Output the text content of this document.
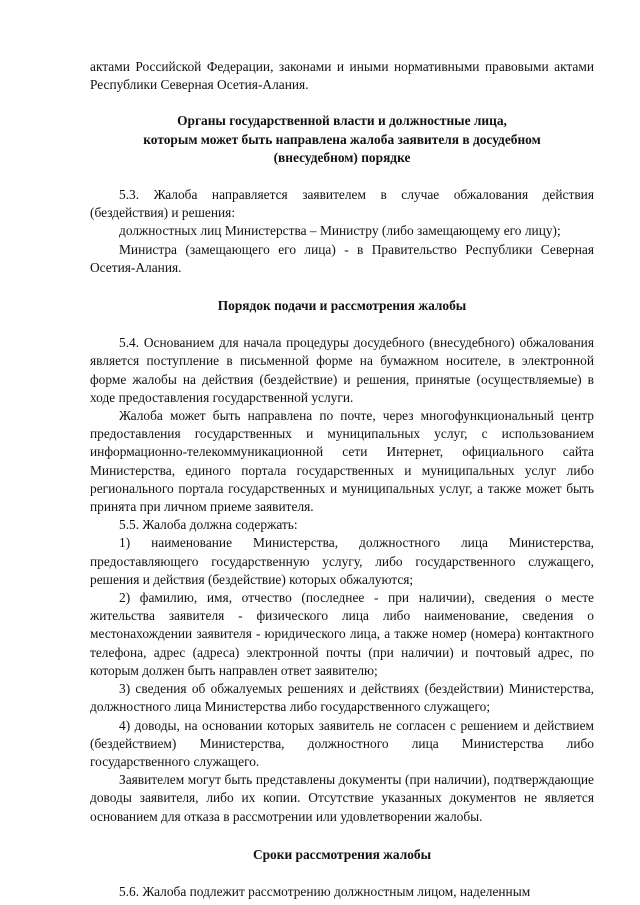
актами Российской Федерации, законами и иными нормативными правовыми актами Республики Северная Осетия-Алания.

Органы государственной власти и должностные лица,
которым может быть направлена жалоба заявителя в досудебном
(внесудебном) порядке

5.3. Жалоба направляется заявителем в случае обжалования действия (бездействия) и решения:

должностных лиц Министерства – Министру (либо замещающему его лицу);

Министра (замещающего его лица) - в Правительство Республики Северная Осетия-Алания.

Порядок подачи и рассмотрения жалобы

5.4. Основанием для начала процедуры досудебного (внесудебного) обжалования является поступление в письменной форме на бумажном носителе, в электронной форме жалобы на действия (бездействие) и решения, принятые (осуществляемые) в ходе предоставления государственной услуги.

Жалоба может быть направлена по почте, через многофункциональный центр предоставления государственных и муниципальных услуг, с использованием информационно-телекоммуникационной сети Интернет, официального сайта Министерства, единого портала государственных и муниципальных услуг либо регионального портала государственных и муниципальных услуг, а также может быть принята при личном приеме заявителя.

5.5. Жалоба должна содержать:

1) наименование Министерства, должностного лица Министерства, предоставляющего государственную услугу, либо государственного служащего, решения и действия (бездействие) которых обжалуются;

2) фамилию, имя, отчество (последнее - при наличии), сведения о месте жительства заявителя - физического лица либо наименование, сведения о местонахождении заявителя - юридического лица, а также номер (номера) контактного телефона, адрес (адреса) электронной почты (при наличии) и почтовый адрес, по которым должен быть направлен ответ заявителю;

3) сведения об обжалуемых решениях и действиях (бездействии) Министерства, должностного лица Министерства либо государственного служащего;

4) доводы, на основании которых заявитель не согласен с решением и действием (бездействием) Министерства, должностного лица Министерства либо государственного служащего.

Заявителем могут быть представлены документы (при наличии), подтверждающие доводы заявителя, либо их копии. Отсутствие указанных документов не является основанием для отказа в рассмотрении или удовлетворении жалобы.

Сроки рассмотрения жалобы

5.6. Жалоба подлежит рассмотрению должностным лицом, наделенным
